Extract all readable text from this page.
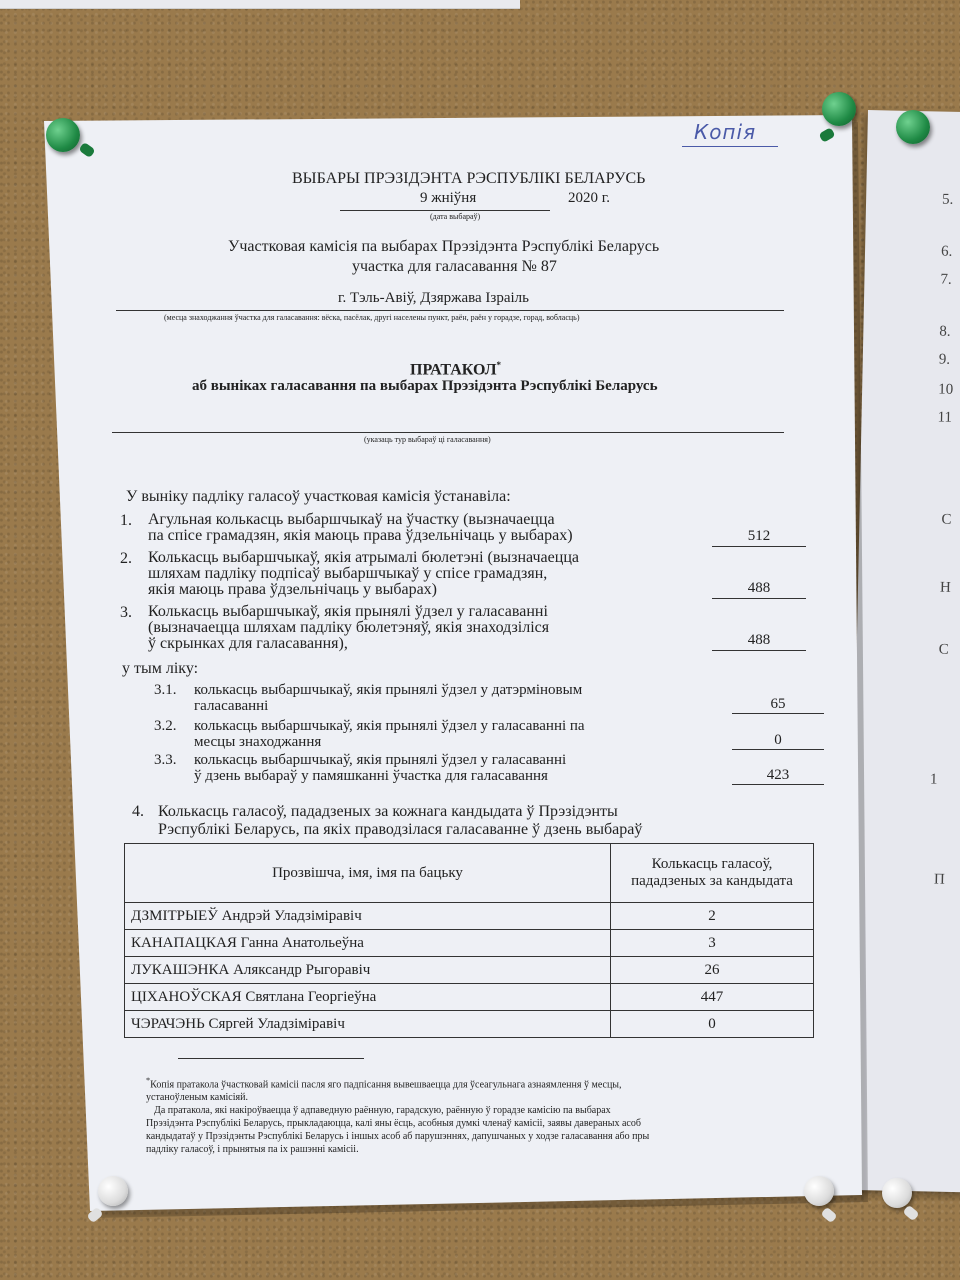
5.
6.
7.
8.
9.
10
11
С
Н
С
1
П
Копія
ВЫБАРЫ ПРЭЗІДЭНТА РЭСПУБЛІКІ БЕЛАРУСЬ
9 жніўня	2020 г.
(дата выбараў)
Участковая камісія па выбарах Прэзідэнта Рэспублікі Беларусь
участка для галасавання № 87
г. Тэль-Авіў, Дзяржава Ізраіль
(месца знаходжання ўчастка для галасавання: вёска, пасёлак, другі населены пункт, раён, раён у горадзе, горад, вобласць)
ПРАТАКОЛ*
аб выніках галасавання па выбарах Прэзідэнта Рэспублікі Беларусь
(указаць тур выбараў ці галасавання)
У выніку падліку галасоў участковая камісія ўстанавіла:
1. Агульная колькасць выбаршчыкаў на ўчастку (вызначаецца
па спісе грамадзян, якія маюць права ўдзельнічаць у выбарах)	512
2. Колькасць выбаршчыкаў, якія атрымалі бюлетэні (вызначаецца
шляхам падліку подпісаў выбаршчыкаў у спісе грамадзян,
якія маюць права ўдзельнічаць у выбарах)	488
3. Колькасць выбаршчыкаў, якія прынялі ўдзел у галасаванні
(вызначаецца шляхам падліку бюлетэняў, якія знаходзіліся
ў скрынках для галасавання),	488
у тым ліку:
3.1. колькасць выбаршчыкаў, якія прынялі ўдзел у датэрміновым
галасаванні	65
3.2. колькасць выбаршчыкаў, якія прынялі ўдзел у галасаванні па
месцы знаходжання	0
3.3. колькасць выбаршчыкаў, якія прынялі ўдзел у галасаванні
ў дзень выбараў у памяшканні ўчастка для галасавання	423
4. Колькасць галасоў, пададзеных за кожнага кандыдата ў Прэзідэнты
Рэспублікі Беларусь, па якіх праводзілася галасаванне ў дзень выбараў
Прозвішча, імя, імя па бацьку	Колькасць галасоў,
пададзеных за кандыдата

ДЗМІТРЫЕЎ Андрэй Уладзіміравіч	2
КАНАПАЦКАЯ Ганна Анатольеўна	3
ЛУКАШЭНКА Аляксандр Рыгоравіч	26
ЦІХАНОЎСКАЯ Святлана Георгіеўна	447
ЧЭРАЧЭНЬ Сяргей Уладзіміравіч	0
*Копія пратакола ўчастковай камісіі пасля яго падпісання вывешваецца для ўсеагульнага азнаямлення ў месцы,
устаноўленым камісіяй.
Да пратакола, які накіроўваецца ў адпаведную раённую, гарадскую, раённую ў горадзе камісію па выбарах
Прэзідэнта Рэспублікі Беларусь, прыкладаюцца, калі яны ёсць, асобныя думкі членаў камісіі, заявы давераных асоб
кандыдатаў у Прэзідэнты Рэспублікі Беларусь і іншых асоб аб парушэннях, дапушчаных у ходзе галасавання або пры
падліку галасоў, і прынятыя па іх рашэнні камісіі.
